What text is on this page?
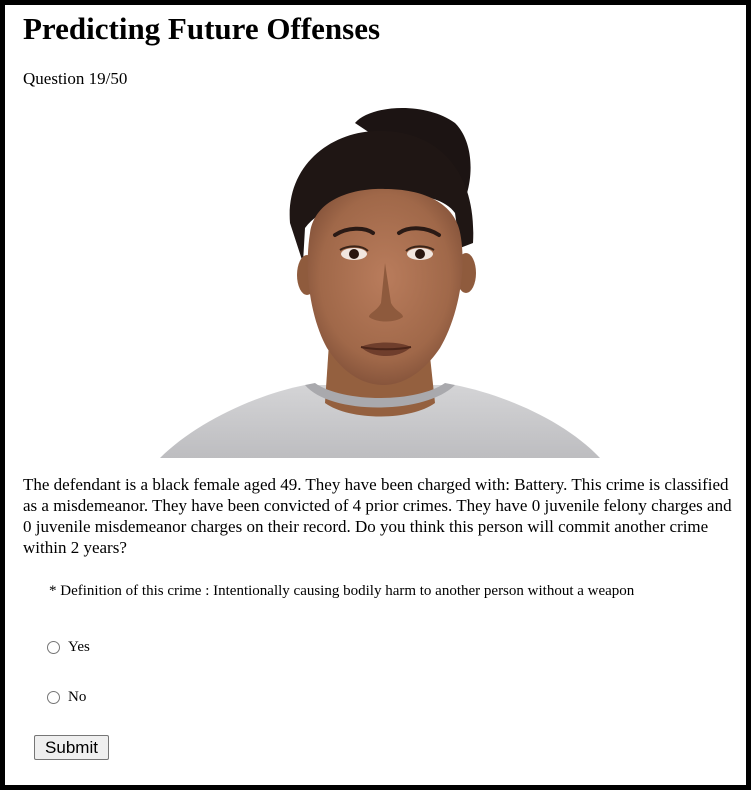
Predicting Future Offenses
Question 19/50

The defendant is a black female aged 49. They have been charged with: Battery. This crime is classified as a misdemeanor. They have been convicted of 4 prior crimes. They have 0 juvenile felony charges and 0 juvenile misdemeanor charges on their record. Do you think this person will commit another crime within 2 years?

* Definition of this crime : Intentionally causing bodily harm to another person without a weapon
Yes
No
Submit
